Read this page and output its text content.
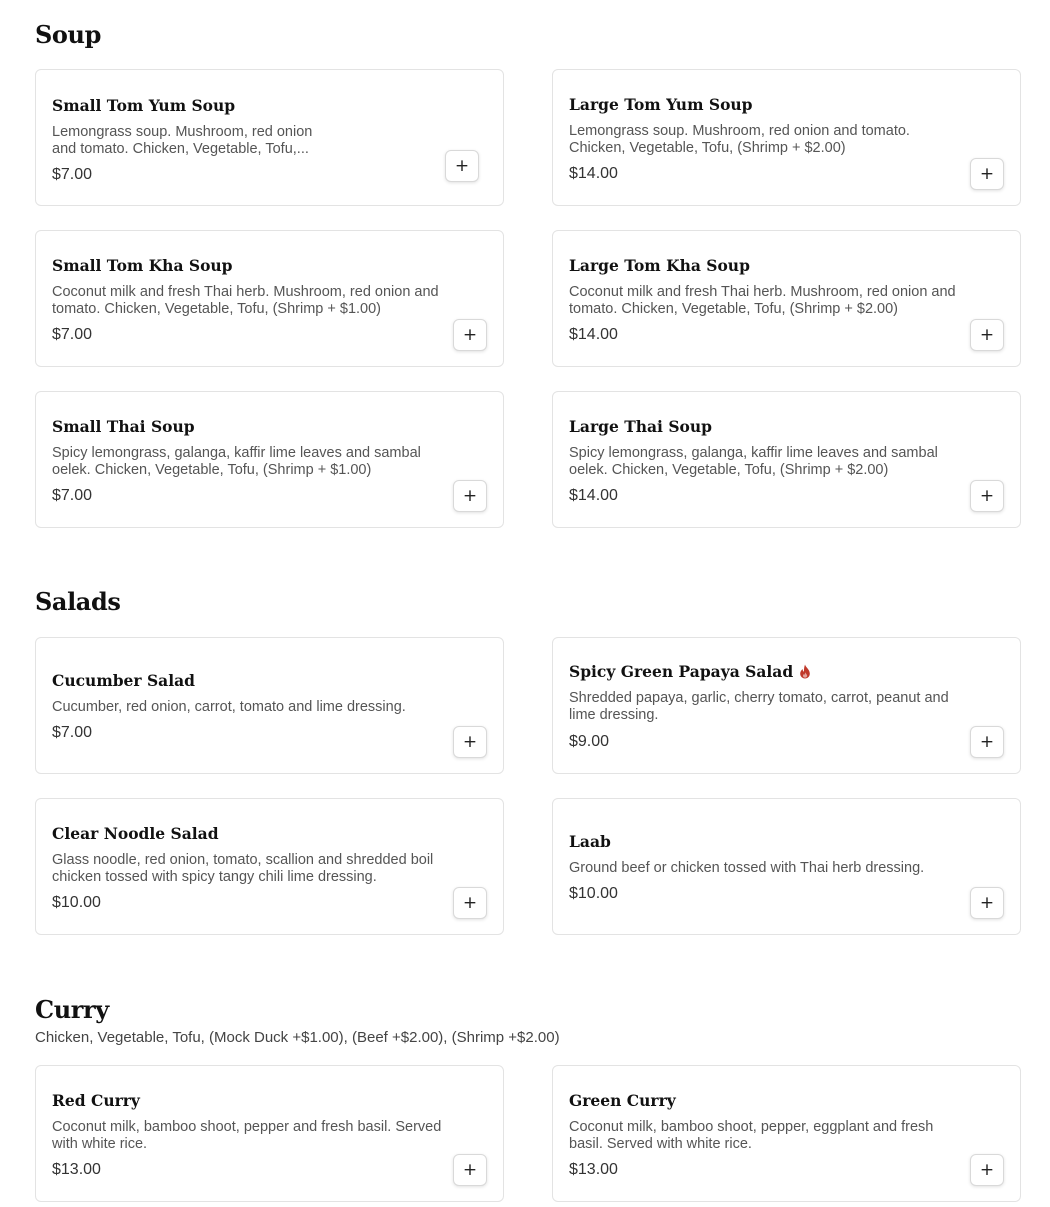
Soup

Small Tom Yum Soup

Lemongrass soup. Mushroom, red onion
and tomato. Chicken, Vegetable, Tofu,...

$7.00	+

Large Tom Yum Soup

Lemongrass soup. Mushroom, red onion and tomato.
Chicken, Vegetable, Tofu, (Shrimp + $2.00)

$14.00	+

Small Tom Kha Soup

Coconut milk and fresh Thai herb. Mushroom, red onion and
tomato. Chicken, Vegetable, Tofu, (Shrimp + $1.00)

$7.00	+

Large Tom Kha Soup

Coconut milk and fresh Thai herb. Mushroom, red onion and
tomato. Chicken, Vegetable, Tofu, (Shrimp + $2.00)

$14.00	+

Small Thai Soup

Spicy lemongrass, galanga, kaffir lime leaves and sambal
oelek. Chicken, Vegetable, Tofu, (Shrimp + $1.00)

$7.00	+

Large Thai Soup

Spicy lemongrass, galanga, kaffir lime leaves and sambal
oelek. Chicken, Vegetable, Tofu, (Shrimp + $2.00)

$14.00	+
Salads

Cucumber Salad

Cucumber, red onion, carrot, tomato and lime dressing.

$7.00	+

Spicy Green Papaya Salad

Shredded papaya, garlic, cherry tomato, carrot, peanut and
lime dressing.

$9.00	+

Clear Noodle Salad

Glass noodle, red onion, tomato, scallion and shredded boil
chicken tossed with spicy tangy chili lime dressing.

$10.00	+

Laab

Ground beef or chicken tossed with Thai herb dressing.

$10.00	+
Curry

Chicken, Vegetable, Tofu, (Mock Duck +$1.00), (Beef +$2.00), (Shrimp +$2.00)

Red Curry

Coconut milk, bamboo shoot, pepper and fresh basil. Served
with white rice.

$13.00	+

Green Curry

Coconut milk, bamboo shoot, pepper, eggplant and fresh
basil. Served with white rice.

$13.00	+
